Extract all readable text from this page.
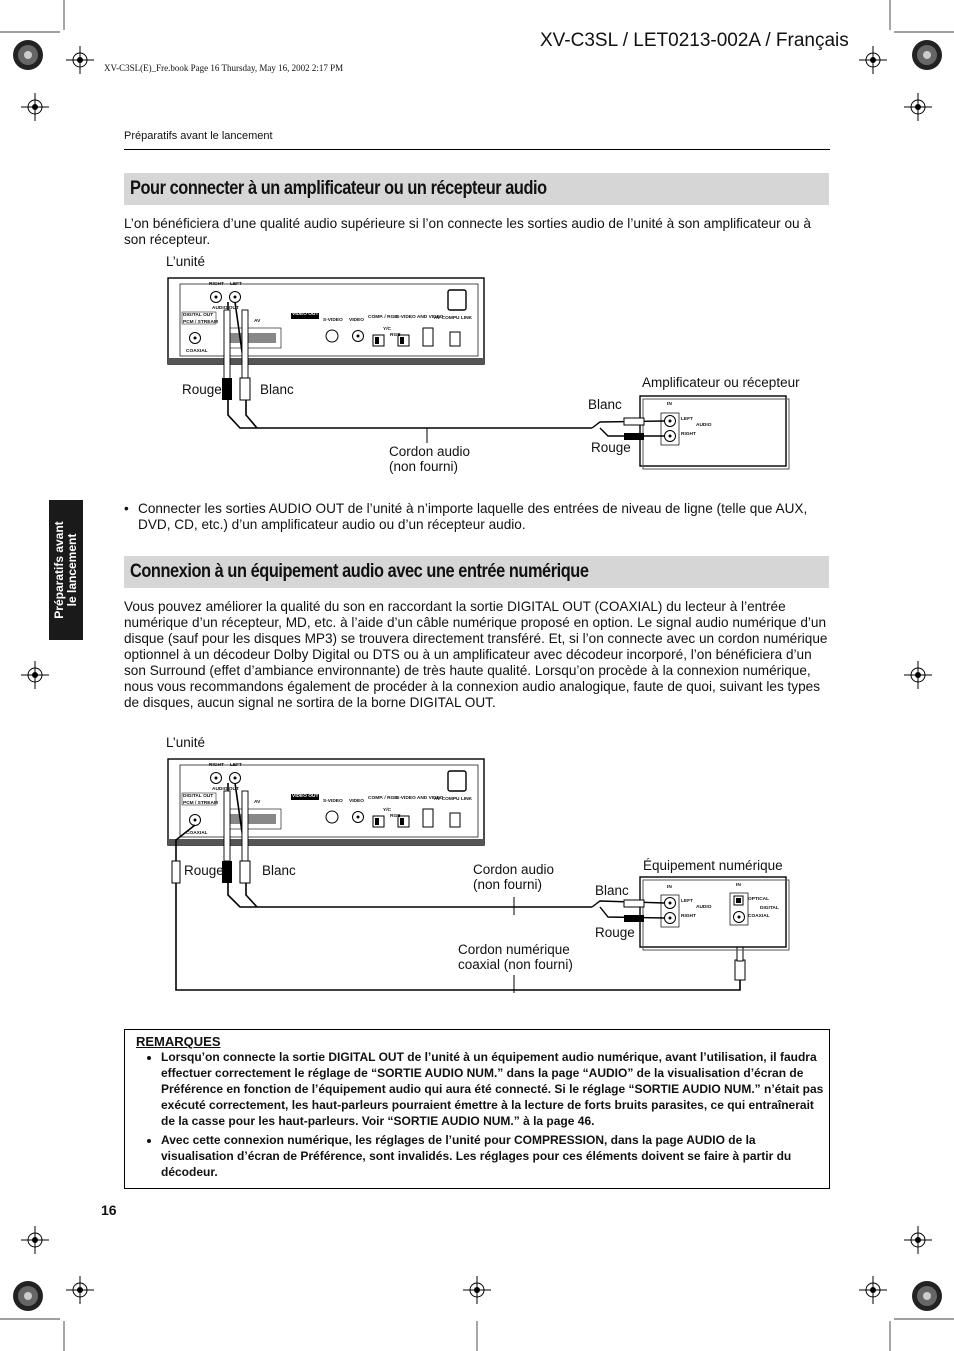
XV-C3SL / LET0213-002A / Français
XV-C3SL(E)_Fre.book Page 16 Thursday, May 16, 2002 2:17 PM
Préparatifs avant le lancement
Préparatifs avant
le lancement
Pour connecter à un amplificateur ou un récepteur audio
L’on bénéficiera d’une qualité audio supérieure si l’on connecte les sorties audio de l’unité à son amplificateur ou à son récepteur.
L’unité
Rouge	Blanc
Cordon audio
(non fourni)
Amplificateur ou récepteur
Blanc
Rouge
RIGHT LEFT
AUDIO OUT
DIGITAL OUT
PCM / STREAM
COAXIAL
AV
VIDEO OUT
S-VIDEO VIDEO
COMP. / RGB
S-VIDEO AND VIDEO
Y/C
RGB
AV COMPU LINK
IN
LEFT
AUDIO
RIGHT
• Connecter les sorties AUDIO OUT de l’unité à n’importe laquelle des entrées de niveau de ligne (telle que AUX, DVD, CD, etc.) d’un amplificateur audio ou d’un récepteur audio.
Connexion à un équipement audio avec une entrée numérique
Vous pouvez améliorer la qualité du son en raccordant la sortie DIGITAL OUT (COAXIAL) du lecteur à l’entrée numérique d’un récepteur, MD, etc. à l’aide d’un câble numérique proposé en option. Le signal audio numérique d’un disque (sauf pour les disques MP3) se trouvera directement transféré. Et, si l’on connecte avec un cordon numérique optionnel à un décodeur Dolby Digital ou DTS ou à un amplificateur avec décodeur incorporé, l’on bénéficiera d’un son Surround (effet d’ambiance environnante) de très haute qualité. Lorsqu’on procède à la connexion numérique, nous vous recommandons également de procéder à la connexion audio analogique, faute de quoi, suivant les types de disques, aucun signal ne sortira de la borne DIGITAL OUT.
L’unité
Rouge	Blanc	Cordon audio
(non fourni)
Cordon numérique
coaxial (non fourni)
Équipement numérique
Blanc
Rouge
RIGHT LEFT
AUDIO OUT
DIGITAL OUT
PCM / STREAM
COAXIAL
AV
VIDEO OUT
S-VIDEO VIDEO
COMP. / RGB
S-VIDEO AND VIDEO
Y/C
RGB
AV COMPU LINK
IN
LEFT
AUDIO
RIGHT
IN
OPTICAL
DIGITAL
COAXIAL
REMARQUES
• Lorsqu’on connecte la sortie DIGITAL OUT de l’unité à un équipement audio numérique, avant l’utilisation, il faudra effectuer correctement le réglage de “SORTIE AUDIO NUM.” dans la page “AUDIO” de la visualisation d’écran de Préférence en fonction de l’équipement audio qui aura été connecté. Si le réglage “SORTIE AUDIO NUM.” n’était pas exécuté correctement, les haut-parleurs pourraient émettre à la lecture de forts bruits parasites, ce qui entraînerait de la casse pour les haut-parleurs. Voir “SORTIE AUDIO NUM.” à la page 46.
• Avec cette connexion numérique, les réglages de l’unité pour COMPRESSION, dans la page AUDIO de la visualisation d’écran de Préférence, sont invalidés. Les réglages pour ces éléments doivent se faire à partir du décodeur.
16
